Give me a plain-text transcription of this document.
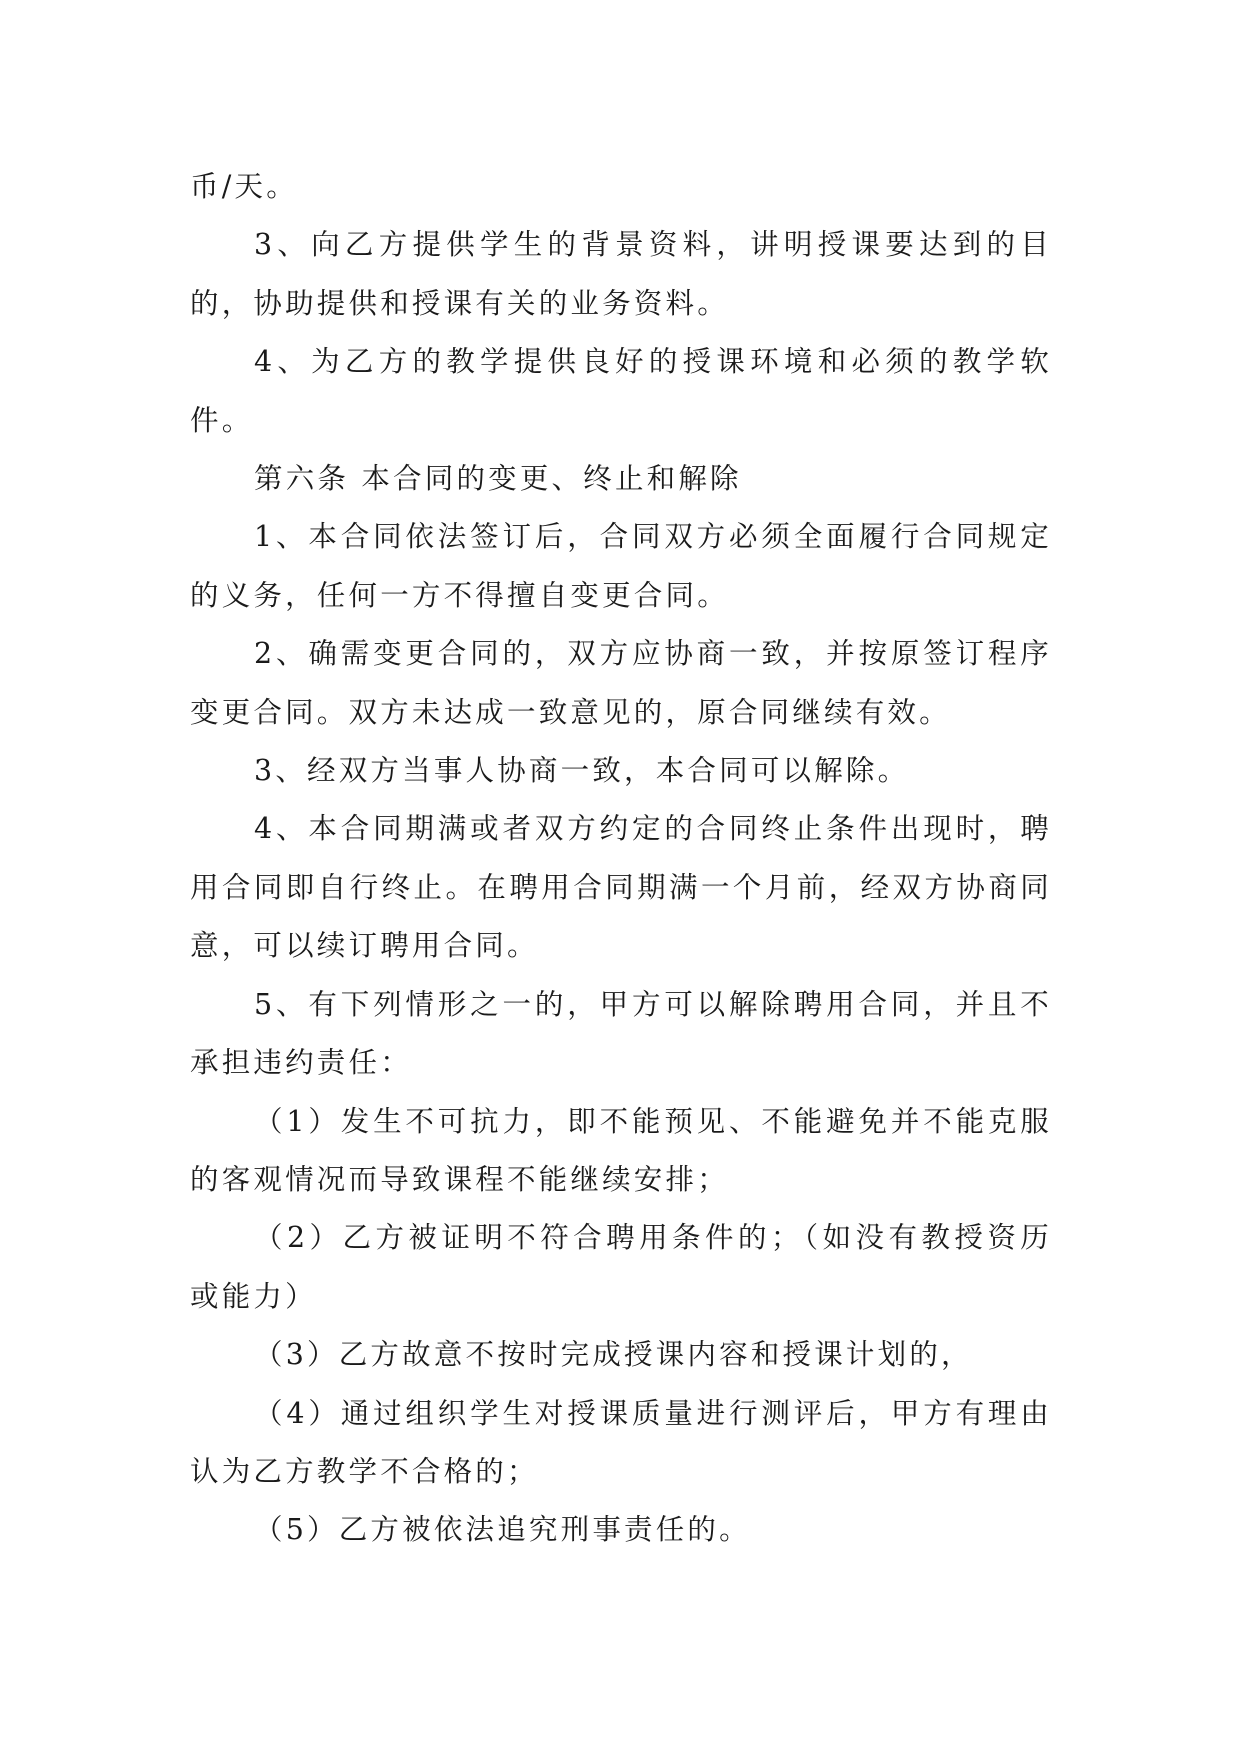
币/天。

3、向乙方提供学生的背景资料，讲明授课要达到的目的，协助提供和授课有关的业务资料。

4、为乙方的教学提供良好的授课环境和必须的教学软件。

第六条 本合同的变更、终止和解除

1、本合同依法签订后，合同双方必须全面履行合同规定的义务，任何一方不得擅自变更合同。

2、确需变更合同的，双方应协商一致，并按原签订程序变更合同。双方未达成一致意见的，原合同继续有效。

3、经双方当事人协商一致，本合同可以解除。

4、本合同期满或者双方约定的合同终止条件出现时，聘用合同即自行终止。在聘用合同期满一个月前，经双方协商同意，可以续订聘用合同。

5、有下列情形之一的，甲方可以解除聘用合同，并且不承担违约责任：

（1）发生不可抗力，即不能预见、不能避免并不能克服的客观情况而导致课程不能继续安排；

（2）乙方被证明不符合聘用条件的；（如没有教授资历或能力）

（3）乙方故意不按时完成授课内容和授课计划的，

（4）通过组织学生对授课质量进行测评后，甲方有理由认为乙方教学不合格的；

（5）乙方被依法追究刑事责任的。
